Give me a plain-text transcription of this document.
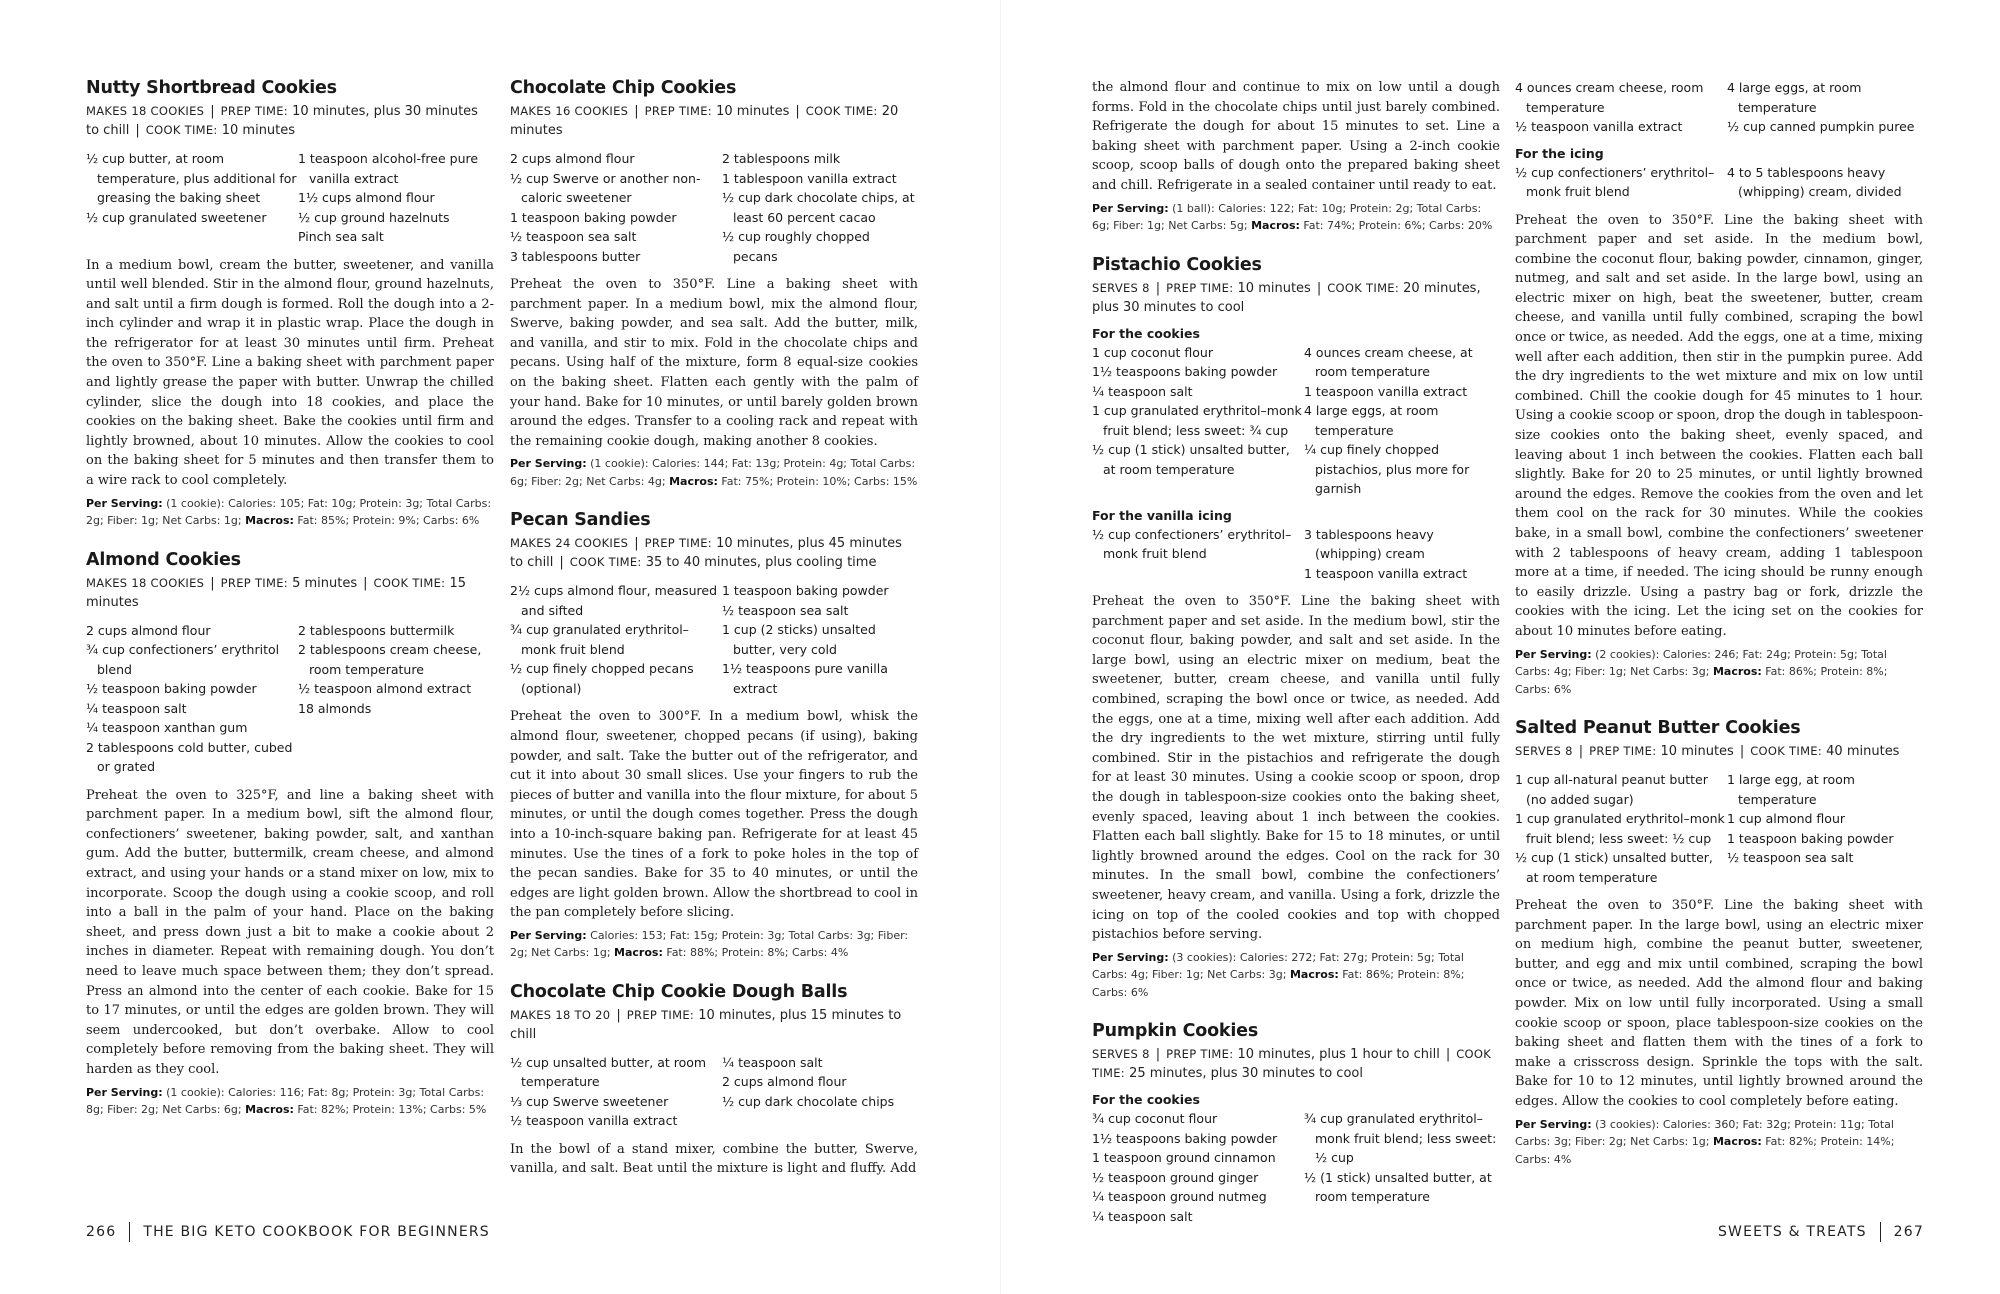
Nutty Shortbread Cookies
MAKES 18 COOKIES | PREP TIME: 10 minutes, plus 30 minutes to chill | COOK TIME: 10 minutes
½ cup butter, at room temperature, plus additional for greasing the baking sheet
½ cup granulated sweetener
1 teaspoon alcohol-free pure vanilla extract
1½ cups almond flour
½ cup ground hazelnuts
Pinch sea salt

In a medium bowl, cream the butter, sweetener, and vanilla until well blended. Stir in the almond flour, ground hazelnuts, and salt until a firm dough is formed. Roll the dough into a 2-inch cylinder and wrap it in plastic wrap. Place the dough in the refrigerator for at least 30 minutes until firm. Preheat the oven to 350°F. Line a baking sheet with parchment paper and lightly grease the paper with butter. Unwrap the chilled cylinder, slice the dough into 18 cookies, and place the cookies on the baking sheet. Bake the cookies until firm and lightly browned, about 10 minutes. Allow the cookies to cool on the baking sheet for 5 minutes and then transfer them to a wire rack to cool completely.

Per Serving: (1 cookie): Calories: 105; Fat: 10g; Protein: 3g; Total Carbs: 2g; Fiber: 1g; Net Carbs: 1g; Macros: Fat: 85%; Protein: 9%; Carbs: 6%
Almond Cookies
MAKES 18 COOKIES | PREP TIME: 5 minutes | COOK TIME: 15 minutes
2 cups almond flour
¾ cup confectioners’ erythritol blend
½ teaspoon baking powder
¼ teaspoon salt
¼ teaspoon xanthan gum
2 tablespoons cold butter, cubed or grated
2 tablespoons buttermilk
2 tablespoons cream cheese, room temperature
½ teaspoon almond extract
18 almonds

Preheat the oven to 325°F, and line a baking sheet with parchment paper. In a medium bowl, sift the almond flour, confectioners’ sweetener, baking powder, salt, and xanthan gum. Add the butter, buttermilk, cream cheese, and almond extract, and using your hands or a stand mixer on low, mix to incorporate. Scoop the dough using a cookie scoop, and roll into a ball in the palm of your hand. Place on the baking sheet, and press down just a bit to make a cookie about 2 inches in diameter. Repeat with remaining dough. You don’t need to leave much space between them; they don’t spread. Press an almond into the center of each cookie. Bake for 15 to 17 minutes, or until the edges are golden brown. They will seem undercooked, but don’t overbake. Allow to cool completely before removing from the baking sheet. They will harden as they cool.

Per Serving: (1 cookie): Calories: 116; Fat: 8g; Protein: 3g; Total Carbs: 8g; Fiber: 2g; Net Carbs: 6g; Macros: Fat: 82%; Protein: 13%; Carbs: 5%
Chocolate Chip Cookies
MAKES 16 COOKIES | PREP TIME: 10 minutes | COOK TIME: 20 minutes
2 cups almond flour
½ cup Swerve or another non-caloric sweetener
1 teaspoon baking powder
½ teaspoon sea salt
3 tablespoons butter
2 tablespoons milk
1 tablespoon vanilla extract
½ cup dark chocolate chips, at least 60 percent cacao
½ cup roughly chopped pecans

Preheat the oven to 350°F. Line a baking sheet with parchment paper. In a medium bowl, mix the almond flour, Swerve, baking powder, and sea salt. Add the butter, milk, and vanilla, and stir to mix. Fold in the chocolate chips and pecans. Using half of the mixture, form 8 equal-size cookies on the baking sheet. Flatten each gently with the palm of your hand. Bake for 10 minutes, or until barely golden brown around the edges. Transfer to a cooling rack and repeat with the remaining cookie dough, making another 8 cookies.

Per Serving: (1 cookie): Calories: 144; Fat: 13g; Protein: 4g; Total Carbs: 6g; Fiber: 2g; Net Carbs: 4g; Macros: Fat: 75%; Protein: 10%; Carbs: 15%
Pecan Sandies
MAKES 24 COOKIES | PREP TIME: 10 minutes, plus 45 minutes to chill | COOK TIME: 35 to 40 minutes, plus cooling time
2½ cups almond flour, measured and sifted
¾ cup granulated erythritol–monk fruit blend
½ cup finely chopped pecans (optional)
1 teaspoon baking powder
½ teaspoon sea salt
1 cup (2 sticks) unsalted butter, very cold
1½ teaspoons pure vanilla extract

Preheat the oven to 300°F. In a medium bowl, whisk the almond flour, sweetener, chopped pecans (if using), baking powder, and salt. Take the butter out of the refrigerator, and cut it into about 30 small slices. Use your fingers to rub the pieces of butter and vanilla into the flour mixture, for about 5 minutes, or until the dough comes together. Press the dough into a 10-inch-square baking pan. Refrigerate for at least 45 minutes. Use the tines of a fork to poke holes in the top of the pecan sandies. Bake for 35 to 40 minutes, or until the edges are light golden brown. Allow the shortbread to cool in the pan completely before slicing.

Per Serving: Calories: 153; Fat: 15g; Protein: 3g; Total Carbs: 3g; Fiber: 2g; Net Carbs: 1g; Macros: Fat: 88%; Protein: 8%; Carbs: 4%
Chocolate Chip Cookie Dough Balls
MAKES 18 TO 20 | PREP TIME: 10 minutes, plus 15 minutes to chill
½ cup unsalted butter, at room temperature
⅓ cup Swerve sweetener
½ teaspoon vanilla extract
¼ teaspoon salt
2 cups almond flour
½ cup dark chocolate chips

In the bowl of a stand mixer, combine the butter, Swerve, vanilla, and salt. Beat until the mixture is light and fluffy. Add

266 THE BIG KETO COOKBOOK FOR BEGINNERS

the almond flour and continue to mix on low until a dough forms. Fold in the chocolate chips until just barely combined. Refrigerate the dough for about 15 minutes to set. Line a baking sheet with parchment paper. Using a 2-inch cookie scoop, scoop balls of dough onto the prepared baking sheet and chill. Refrigerate in a sealed container until ready to eat.

Per Serving: (1 ball): Calories: 122; Fat: 10g; Protein: 2g; Total Carbs: 6g; Fiber: 1g; Net Carbs: 5g; Macros: Fat: 74%; Protein: 6%; Carbs: 20%
Pistachio Cookies
SERVES 8 | PREP TIME: 10 minutes | COOK TIME: 20 minutes, plus 30 minutes to cool
For the cookies
1 cup coconut flour
1½ teaspoons baking powder
¼ teaspoon salt
1 cup granulated erythritol–monk fruit blend; less sweet: ¾ cup
½ cup (1 stick) unsalted butter, at room temperature
4 ounces cream cheese, at room temperature
1 teaspoon vanilla extract
4 large eggs, at room temperature
¼ cup finely chopped pistachios, plus more for garnish
For the vanilla icing
½ cup confectioners’ erythritol–monk fruit blend
3 tablespoons heavy (whipping) cream
1 teaspoon vanilla extract

Preheat the oven to 350°F. Line the baking sheet with parchment paper and set aside. In the medium bowl, stir the coconut flour, baking powder, and salt and set aside. In the large bowl, using an electric mixer on medium, beat the sweetener, butter, cream cheese, and vanilla until fully combined, scraping the bowl once or twice, as needed. Add the eggs, one at a time, mixing well after each addition. Add the dry ingredients to the wet mixture, stirring until fully combined. Stir in the pistachios and refrigerate the dough for at least 30 minutes. Using a cookie scoop or spoon, drop the dough in tablespoon-size cookies onto the baking sheet, evenly spaced, leaving about 1 inch between the cookies. Flatten each ball slightly. Bake for 15 to 18 minutes, or until lightly browned around the edges. Cool on the rack for 30 minutes. In the small bowl, combine the confectioners’ sweetener, heavy cream, and vanilla. Using a fork, drizzle the icing on top of the cooled cookies and top with chopped pistachios before serving.

Per Serving: (3 cookies): Calories: 272; Fat: 27g; Protein: 5g; Total Carbs: 4g; Fiber: 1g; Net Carbs: 3g; Macros: Fat: 86%; Protein: 8%; Carbs: 6%
Pumpkin Cookies
SERVES 8 | PREP TIME: 10 minutes, plus 1 hour to chill | COOK TIME: 25 minutes, plus 30 minutes to cool
For the cookies
¾ cup coconut flour
1½ teaspoons baking powder
1 teaspoon ground cinnamon
½ teaspoon ground ginger
¼ teaspoon ground nutmeg
¼ teaspoon salt
¾ cup granulated erythritol–monk fruit blend; less sweet: ½ cup
½ (1 stick) unsalted butter, at room temperature
4 ounces cream cheese, room temperature
½ teaspoon vanilla extract
4 large eggs, at room temperature
½ cup canned pumpkin puree
For the icing
½ cup confectioners’ erythritol–monk fruit blend
4 to 5 tablespoons heavy (whipping) cream, divided

Preheat the oven to 350°F. Line the baking sheet with parchment paper and set aside. In the medium bowl, combine the coconut flour, baking powder, cinnamon, ginger, nutmeg, and salt and set aside. In the large bowl, using an electric mixer on high, beat the sweetener, butter, cream cheese, and vanilla until fully combined, scraping the bowl once or twice, as needed. Add the eggs, one at a time, mixing well after each addition, then stir in the pumpkin puree. Add the dry ingredients to the wet mixture and mix on low until combined. Chill the cookie dough for 45 minutes to 1 hour. Using a cookie scoop or spoon, drop the dough in tablespoon-size cookies onto the baking sheet, evenly spaced, and leaving about 1 inch between the cookies. Flatten each ball slightly. Bake for 20 to 25 minutes, or until lightly browned around the edges. Remove the cookies from the oven and let them cool on the rack for 30 minutes. While the cookies bake, in a small bowl, combine the confectioners’ sweetener with 2 tablespoons of heavy cream, adding 1 tablespoon more at a time, if needed. The icing should be runny enough to easily drizzle. Using a pastry bag or fork, drizzle the cookies with the icing. Let the icing set on the cookies for about 10 minutes before eating.

Per Serving: (2 cookies): Calories: 246; Fat: 24g; Protein: 5g; Total Carbs: 4g; Fiber: 1g; Net Carbs: 3g; Macros: Fat: 86%; Protein: 8%; Carbs: 6%
Salted Peanut Butter Cookies
SERVES 8 | PREP TIME: 10 minutes | COOK TIME: 40 minutes
1 cup all-natural peanut butter (no added sugar)
1 cup granulated erythritol–monk fruit blend; less sweet: ½ cup
½ cup (1 stick) unsalted butter, at room temperature
1 large egg, at room temperature
1 cup almond flour
1 teaspoon baking powder
½ teaspoon sea salt

Preheat the oven to 350°F. Line the baking sheet with parchment paper. In the large bowl, using an electric mixer on medium high, combine the peanut butter, sweetener, butter, and egg and mix until combined, scraping the bowl once or twice, as needed. Add the almond flour and baking powder. Mix on low until fully incorporated. Using a small cookie scoop or spoon, place tablespoon-size cookies on the baking sheet and flatten them with the tines of a fork to make a crisscross design. Sprinkle the tops with the salt. Bake for 10 to 12 minutes, until lightly browned around the edges. Allow the cookies to cool completely before eating.

Per Serving: (3 cookies): Calories: 360; Fat: 32g; Protein: 11g; Total Carbs: 3g; Fiber: 2g; Net Carbs: 1g; Macros: Fat: 82%; Protein: 14%; Carbs: 4%
SWEETS & TREATS 267
